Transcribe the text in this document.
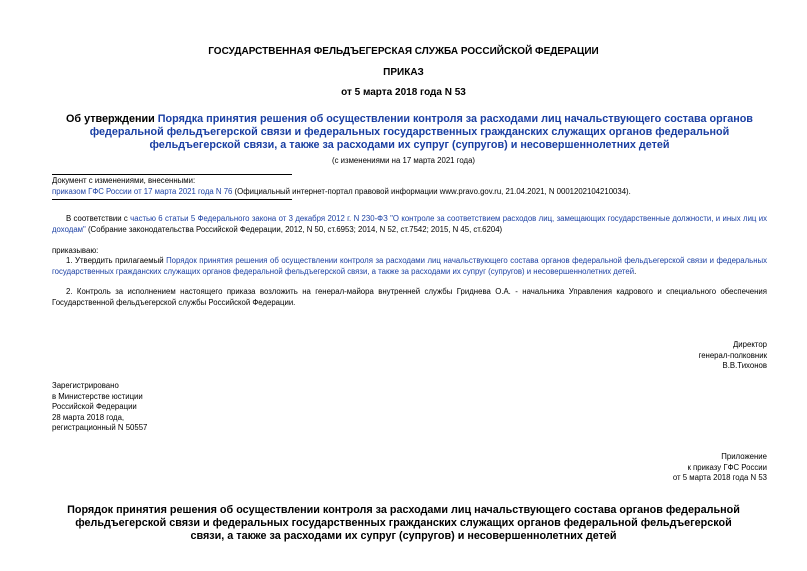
ГОСУДАРСТВЕННАЯ ФЕЛЬДЪЕГЕРСКАЯ СЛУЖБА РОССИЙСКОЙ ФЕДЕРАЦИИ
ПРИКАЗ
от 5 марта 2018 года N 53
Об утверждении Порядка принятия решения об осуществлении контроля за расходами лиц начальствующего состава органов федеральной фельдъегерской связи и федеральных государственных гражданских служащих органов федеральной фельдъегерской связи, а также за расходами их супруг (супругов) и несовершеннолетних детей
(с изменениями на 17 марта 2021 года)
Документ с изменениями, внесенными:
приказом ГФС России от 17 марта 2021 года N 76 (Официальный интернет-портал правовой информации www.pravo.gov.ru, 21.04.2021, N 0001202104210034).
В соответствии с частью 6 статьи 5 Федерального закона от 3 декабря 2012 г. N 230-ФЗ "О контроле за соответствием расходов лиц, замещающих государственные должности, и иных лиц их доходам" (Собрание законодательства Российской Федерации, 2012, N 50, ст.6953; 2014, N 52, ст.7542; 2015, N 45, ст.6204)
приказываю:
1. Утвердить прилагаемый Порядок принятия решения об осуществлении контроля за расходами лиц начальствующего состава органов федеральной фельдъегерской связи и федеральных государственных гражданских служащих органов федеральной фельдъегерской связи, а также за расходами их супруг (супругов) и несовершеннолетних детей.
2. Контроль за исполнением настоящего приказа возложить на генерал-майора внутренней службы Гриднева О.А. - начальника Управления кадрового и специального обеспечения Государственной фельдъегерской службы Российской Федерации.
Директор
генерал-полковник
В.В.Тихонов
Зарегистрировано
в Министерстве юстиции
Российской Федерации
28 марта 2018 года,
регистрационный N 50557
Приложение
к приказу ГФС России
от 5 марта 2018 года N 53
Порядок принятия решения об осуществлении контроля за расходами лиц начальствующего состава органов федеральной фельдъегерской связи и федеральных государственных гражданских служащих органов федеральной фельдъегерской связи, а также за расходами их супруг (супругов) и несовершеннолетних детей
